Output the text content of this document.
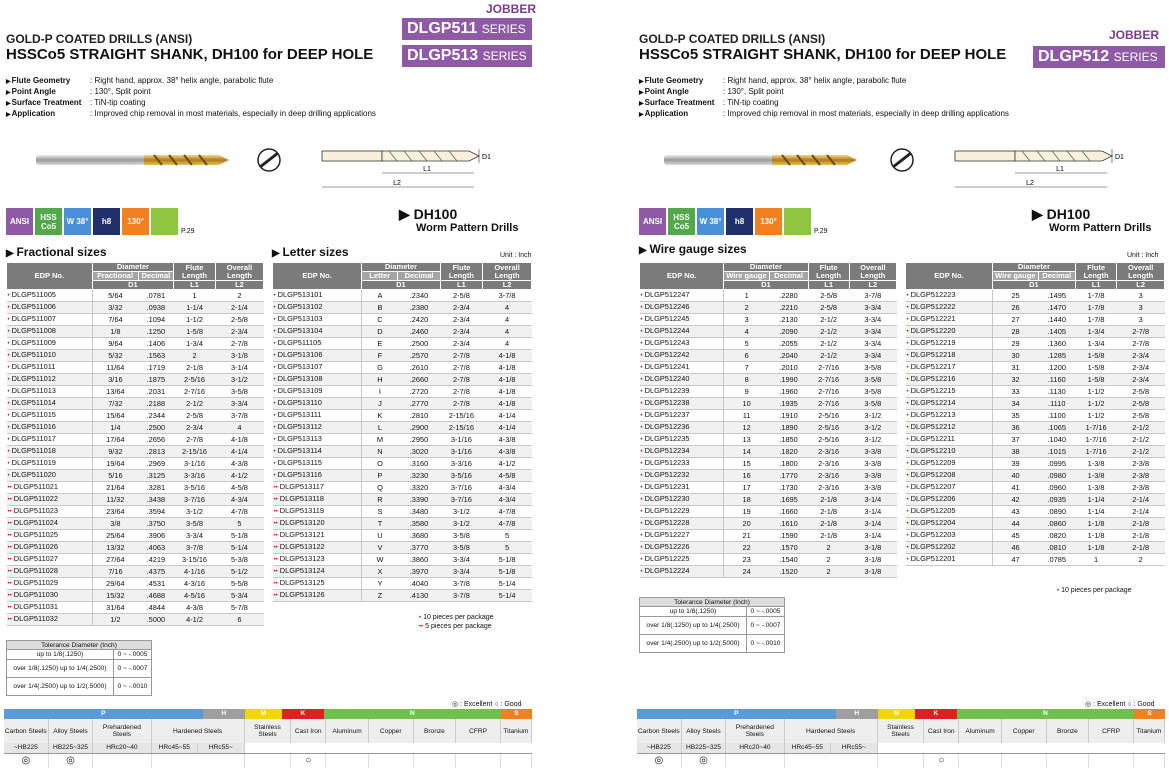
JOBBER
DLGP511 SERIES
DLGP513 SERIES
GOLD-P COATED DRILLS (ANSI)
HSSCo5 STRAIGHT SHANK, DH100 for DEEP HOLE
▶ Flute Geometry	: Right hand, approx. 38° helix angle, parabolic flute
▶ Point Angle	: 130°, Split point
▶ Surface Treatment	: TiN-tip coating
▶ Application	: Improved chip removal in most materials, especially in deep drilling applications
L1
L2
D1
ANSI	HSS Co5	W 38°	h8	130°
P.29
▶ DH100
Worm Pattern Drills
▶ Fractional sizes	▶ Letter sizes	Unit : Inch
EDP No.	Diameter		Flute Length	Overall Length
	Fractional	Decimal		
	D1		L1	L2
• DLGP511005	5/64	.0781	1	2
• DLGP511006	3/32	.0938	1-1/4	2-1/4
• DLGP511007	7/64	.1094	1-1/2	2-5/8
• DLGP511008	1/8	.1250	1-5/8	2-3/4
• DLGP511009	9/64	.1406	1-3/4	2-7/8
• DLGP511010	5/32	.1563	2	3-1/8
• DLGP511011	11/64	.1719	2-1/8	3-1/4
• DLGP511012	3/16	.1875	2-5/16	3-1/2
• DLGP511013	13/64	.2031	2-7/16	3-5/8
• DLGP511014	7/32	.2188	2-1/2	3-3/4
• DLGP511015	15/64	.2344	2-5/8	3-7/8
• DLGP511016	1/4	.2500	2-3/4	4
• DLGP511017	17/64	.2656	2-7/8	4-1/8
• DLGP511018	9/32	.2813	2-15/16	4-1/4
• DLGP511019	19/64	.2969	3-1/16	4-3/8
• DLGP511020	5/16	.3125	3-3/16	4-1/2
•• DLGP511021	21/64	.3281	3-5/16	4-5/8
•• DLGP511022	11/32	.3438	3-7/16	4-3/4
•• DLGP511023	23/64	.3594	3-1/2	4-7/8
•• DLGP511024	3/8	.3750	3-5/8	5
•• DLGP511025	25/64	.3906	3-3/4	5-1/8
•• DLGP511026	13/32	.4063	3-7/8	5-1/4
•• DLGP511027	27/64	.4219	3-15/16	5-3/8
•• DLGP511028	7/16	.4375	4-1/16	5-1/2
•• DLGP511029	29/64	.4531	4-3/16	5-5/8
•• DLGP511030	15/32	.4688	4-5/16	5-3/4
•• DLGP511031	31/64	.4844	4-3/8	5-7/8
•• DLGP511032	1/2	.5000	4-1/2	6
EDP No.	Diameter		Flute Length	Overall Length
	Letter	Decimal		
	D1		L1	L2
• DLGP513101	A	.2340	2-5/8	3-7/8
• DLGP513102	B	.2380	2-3/4	4
• DLGP513103	C	.2420	2-3/4	4
• DLGP513104	D	.2460	2-3/4	4
• DLGP511105	E	.2500	2-3/4	4
• DLGP513106	F	.2570	2-7/8	4-1/8
• DLGP513107	G	.2610	2-7/8	4-1/8
• DLGP513108	H	.2660	2-7/8	4-1/8
• DLGP513109	I	.2720	2-7/8	4-1/8
• DLGP513110	J	.2770	2-7/8	4-1/8
• DLGP513111	K	.2810	2-15/16	4-1/4
• DLGP513112	L	.2900	2-15/16	4-1/4
• DLGP513113	M	.2950	3-1/16	4-3/8
• DLGP513114	N	.3020	3-1/16	4-3/8
• DLGP513115	O	.3160	3-3/16	4-1/2
• DLGP513116	P	.3230	3-5/16	4-5/8
•• DLGP513117	Q	.3320	3-7/16	4-3/4
•• DLGP513118	R	.3390	3-7/16	4-3/4
•• DLGP513119	S	.3480	3-1/2	4-7/8
•• DLGP513120	T	.3580	3-1/2	4-7/8
•• DLGP513121	U	.3680	3-5/8	5
•• DLGP513122	V	.3770	3-5/8	5
•• DLGP513123	W	.3860	3-3/4	5-1/8
•• DLGP513124	X	.3970	3-3/4	5-1/8
•• DLGP513125	Y	.4040	3-7/8	5-1/4
•• DLGP513126	Z	.4130	3-7/8	5-1/4
• 10 pieces per package
•• 5 pieces per package
Tolerance Diameter (Inch)	
up to 1/8(.1250)	0 ~ -.0005
over 1/8(.1250) up to 1/4(.2500)	0 ~ -.0007
over 1/4(.2500) up to 1/2(.5000)	0 ~ -.0010
◎ : Excellent ○ : Good
P	H	M	K	N	S
Carbon Steels Alloy Steels	Prehardened Steels	Hardened Steels	Stainless Steels	Cast Iron	Aluminum	Copper	Bronze	CFRP	Titanium
~HB225	HB225~325	HRc20~40	HRc45~55	HRc55~
◎	◎	○
JOBBER
DLGP512 SERIES
GOLD-P COATED DRILLS (ANSI)
HSSCo5 STRAIGHT SHANK, DH100 for DEEP HOLE
▶ Flute Geometry	: Right hand, approx. 38° helix angle, parabolic flute
▶ Point Angle	: 130°, Split point
▶ Surface Treatment	: TiN-tip coating
▶ Application	: Improved chip removal in most materials, especially in deep drilling applications
L1
L2
D1
ANSI	HSS Co5	W 38°	h8	130°
P.29
▶ DH100
Worm Pattern Drills
▶ Wire gauge sizes	Unit : Inch
EDP No.	Diameter		Flute Length	Overall Length
	Wire gauge	Decimal		
	D1		L1	L2
• DLGP512247	1	.2280	2-5/8	3-7/8
• DLGP512246	2	.2210	2-5/8	3-3/4
• DLGP512245	3	.2130	2-1/2	3-3/4
• DLGP512244	4	.2090	2-1/2	3-3/4
• DLGP512243	5	.2055	2-1/2	3-3/4
• DLGP512242	6	.2040	2-1/2	3-3/4
• DLGP512241	7	.2010	2-7/16	3-5/8
• DLGP512240	8	.1990	2-7/16	3-5/8
• DLGP512239	9	.1960	2-7/16	3-5/8
• DLGP512238	10	.1935	2-7/16	3-5/8
• DLGP512237	11	.1910	2-5/16	3-1/2
• DLGP512236	12	.1890	2-5/16	3-1/2
• DLGP512235	13	.1850	2-5/16	3-1/2
• DLGP512234	14	.1820	2-3/16	3-3/8
• DLGP512233	15	.1800	2-3/16	3-3/8
• DLGP512232	16	.1770	2-3/16	3-3/8
• DLGP512231	17	.1730	2-3/16	3-3/8
• DLGP512230	18	.1695	2-1/8	3-1/4
• DLGP512229	19	.1660	2-1/8	3-1/4
• DLGP512228	20	.1610	2-1/8	3-1/4
• DLGP512227	21	.1590	2-1/8	3-1/4
• DLGP512226	22	.1570	2	3-1/8
• DLGP512225	23	.1540	2	3-1/8
• DLGP512224	24	.1520	2	3-1/8
EDP No.	Diameter		Flute Length	Overall Length
	Wire gauge	Decimal		
	D1		L1	L2
• DLGP512223	25	.1495	1-7/8	3
• DLGP512222	26	.1470	1-7/8	3
• DLGP512221	27	.1440	1-7/8	3
• DLGP512220	28	.1405	1-3/4	2-7/8
• DLGP512219	29	.1360	1-3/4	2-7/8
• DLGP512218	30	.1285	1-5/8	2-3/4
• DLGP512217	31	.1200	1-5/8	2-3/4
• DLGP512216	32	.1160	1-5/8	2-3/4
• DLGP512215	33	.1130	1-1/2	2-5/8
• DLGP512214	34	.1110	1-1/2	2-5/8
• DLGP512213	35	.1100	1-1/2	2-5/8
• DLGP512212	36	.1065	1-7/16	2-1/2
• DLGP512211	37	.1040	1-7/16	2-1/2
• DLGP512210	38	.1015	1-7/16	2-1/2
• DLGP512209	39	.0995	1-3/8	2-3/8
• DLGP512208	40	.0980	1-3/8	2-3/8
• DLGP512207	41	.0960	1-3/8	2-3/8
• DLGP512206	42	.0935	1-1/4	2-1/4
• DLGP512205	43	.0890	1-1/4	2-1/4
• DLGP512204	44	.0860	1-1/8	2-1/8
• DLGP512203	45	.0820	1-1/8	2-1/8
• DLGP512202	46	.0810	1-1/8	2-1/8
• DLGP512201	47	.0785	1	2
• 10 pieces per package
Tolerance Diameter (Inch)	
up to 1/8(.1250)	0 ~ -.0005
over 1/8(.1250) up to 1/4(.2500)	0 ~ -.0007
over 1/4(.2500) up to 1/2(.5000)	0 ~ -.0010
◎ : Excellent ○ : Good
P	H	M	K	N	S
Carbon Steels Alloy Steels	Prehardened Steels	Hardened Steels	Stainless Steels	Cast Iron	Aluminum	Copper	Bronze	CFRP	Titanium
~HB225	HB225~325	HRc20~40	HRc45~55	HRc55~
◎	◎	○
